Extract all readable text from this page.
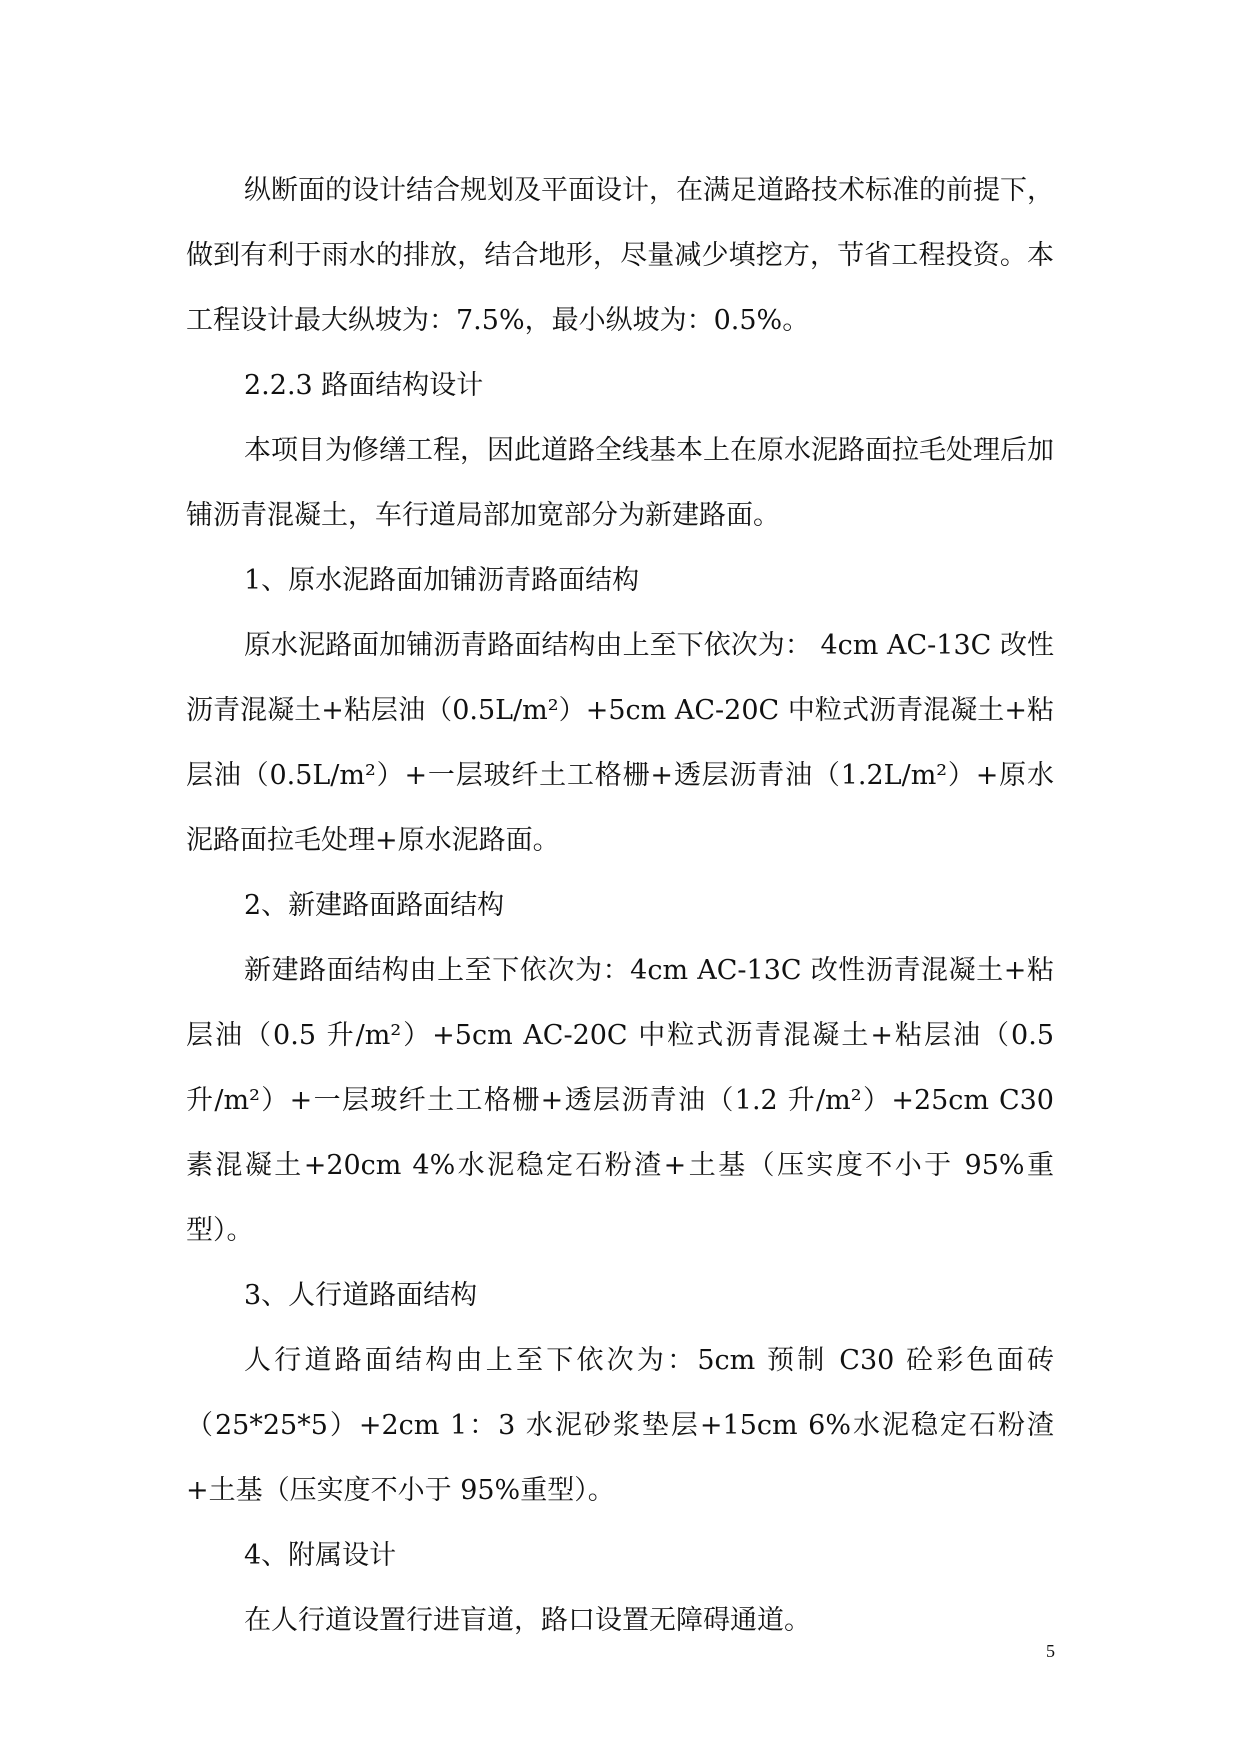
纵断面的设计结合规划及平面设计，在满足道路技术标准的前提下，做到有利于雨水的排放，结合地形，尽量减少填挖方，节省工程投资。本工程设计最大纵坡为：7.5%，最小纵坡为：0.5%。

2.2.3 路面结构设计

本项目为修缮工程，因此道路全线基本上在原水泥路面拉毛处理后加铺沥青混凝土，车行道局部加宽部分为新建路面。

1、原水泥路面加铺沥青路面结构

原水泥路面加铺沥青路面结构由上至下依次为： 4cm AC-13C 改性沥青混凝土+粘层油（0.5L/m²）+5cm AC-20C 中粒式沥青混凝土+粘层油（0.5L/m²）+一层玻纤土工格栅+透层沥青油（1.2L/m²）+原水泥路面拉毛处理+原水泥路面。

2、新建路面路面结构

新建路面结构由上至下依次为：4cm AC-13C 改性沥青混凝土+粘层油（0.5 升/m²）+5cm AC-20C 中粒式沥青混凝土+粘层油（0.5 升/m²）+一层玻纤土工格栅+透层沥青油（1.2 升/m²）+25cm C30 素混凝土+20cm 4%水泥稳定石粉渣+土基（压实度不小于 95%重型）。

3、人行道路面结构

人行道路面结构由上至下依次为：5cm 预制 C30 砼彩色面砖（25*25*5）+2cm 1：3 水泥砂浆垫层+15cm 6%水泥稳定石粉渣+土基（压实度不小于 95%重型）。

4、附属设计

在人行道设置行进盲道，路口设置无障碍通道。

5
